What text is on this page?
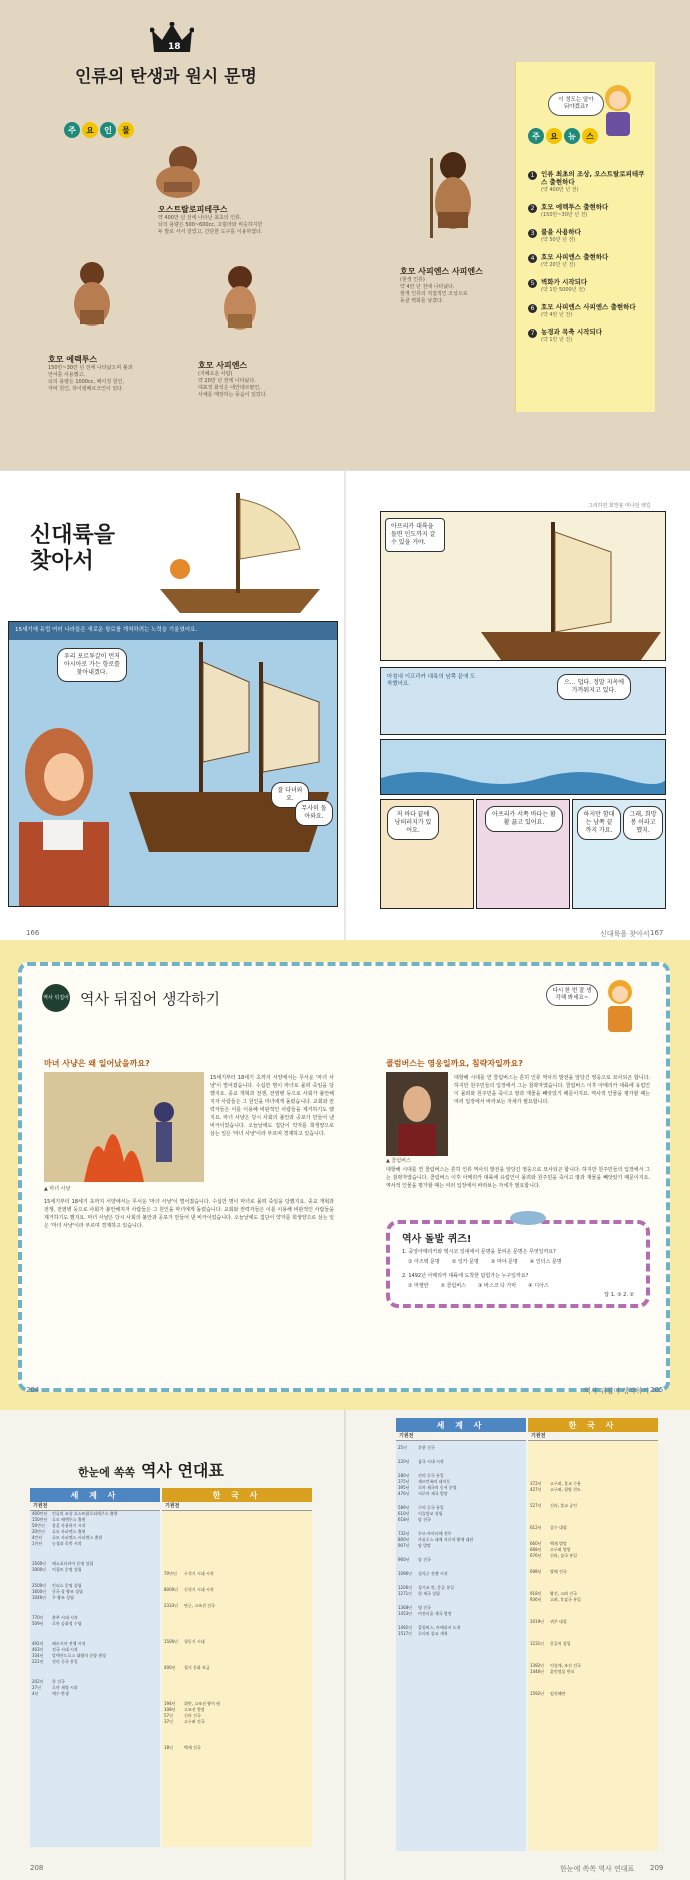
18
인류의 탄생과 원시 문명
주	요	인	물
오스트랄로피테쿠스
약 400만 년 전에 나타난 최초의 인류.
뇌의 용량은 500~600cc, 고릴라와 비슷하지만
두 발로 서서 걸었고, 간단한 도구를 이용하였다.
호모 에렉투스
150만~30만 년 전에 나타났으며 불과
언어를 사용했고,
뇌의 용량은 1000cc, 베이징 원인,
자바 원인, 하이델베르크인이 있다.
호모 사피엔스
(지혜로운 사람)
약 20만 년 전에 나타났다.
대표적 화석은 네안데르탈인,
사체를 매장하는 풍습이 있었다.
호모 사피엔스 사피엔스
(현생 인류)
약 4만 년 전에 나타났다.
현재 인류의 직접적인 조상으로
동굴 벽화를 남겼다.
주	요	뉴	스
1	인류 최초의 조상, 오스트랄로피테쿠스 출현하다
(약 400만 년 전)
2	호모 에렉투스 출현하다
(150만~30만 년 전)
3	불을 사용하다
(약 50만 년 전)
4	호모 사피엔스 출현하다
(약 20만 년 전)
5	벽화가 시작되다
(약 1만 5000년 전)
6	호모 사피엔스 사피엔스 출현하다
(약 4만 년 전)
7	농경과 목축 시작되다
(약 1만 년 전)
이 정도는 알아 둬야겠죠?
신대륙을
찾아서
15세기에 유럽 여러 나라들은 새로운 항로를 개척하려는 노력을 기울였어요.
우리 포르투갈이 먼저 아시아로 가는 항로를 찾아내겠다.
잘 다녀와요.
무사히 돌아와요.
그러하면 희망봉 머나먼 뱃길
아프리카 대륙을 돌면 인도까지 갈 수 있을 거야.
마침내 이프리카 대륙의 남쪽 끝에 도착했어요.	으… 덥다. 정말 지옥에 가까워지고 있다.
저 바다 끝에 낭떠러지가 있어요.
아프리카 서쪽 바다는 활활 끓고 있어요.
하지만 함대는 남쪽 끝까지 가요.
그래, 희망봉 이라고 했지.
166	신대륙을 찾아서 167
역사 뒤집어 역사 뒤집어 생각하기	다시 한 번 잘 생각해 봐세요~
마녀 사냥은 왜 일어났을까요?
▲ 마녀 사냥
15세기부터 18세기 초까지 서양에서는 무서운 '마녀 사냥'이 벌어졌습니다. 수십만 명이 마녀로 몰려 죽임을 당했지요. 종교 개혁과 전쟁, 전염병 등으로 사회가 불안해지자 사람들은 그 원인을 마녀에게 돌렸습니다. 교회와 권력자들은 이를 이용해 비판적인 사람들을 제거하기도 했지요. 마녀 사냥은 당시 사회의 불안과 공포가 만들어 낸 비극이었습니다. 오늘날에도 집단이 약자를 희생양으로 삼는 일은 '마녀 사냥'이라 부르며 경계하고 있습니다.
15세기부터 18세기 초까지 서양에서는 무서운 '마녀 사냥'이 벌어졌습니다. 수십만 명이 마녀로 몰려 죽임을 당했지요. 종교 개혁과 전쟁, 전염병 등으로 사회가 불안해지자 사람들은 그 원인을 마녀에게 돌렸습니다. 교회와 권력자들은 이를 이용해 비판적인 사람들을 제거하기도 했지요. 마녀 사냥은 당시 사회의 불안과 공포가 만들어 낸 비극이었습니다. 오늘날에도 집단이 약자를 희생양으로 삼는 일은 '마녀 사냥'이라 부르며 경계하고 있습니다.
콜럼버스는 영웅일까요, 침략자일까요?
▲ 콜럼버스
대항해 시대를 연 콜럼버스는 흔히 인류 역사의 발전을 앞당긴 영웅으로 묘사되곤 합니다. 하지만 원주민들의 입장에서 그는 침략자였습니다. 콜럼버스 이후 아메리카 대륙에 유럽인이 몰려와 원주민을 죽이고 땅과 재물을 빼앗았기 때문이지요. 역사적 인물을 평가할 때는 여러 입장에서 바라보는 자세가 필요합니다.
대항해 시대를 연 콜럼버스는 흔히 인류 역사의 발전을 앞당긴 영웅으로 묘사되곤 합니다. 하지만 원주민들의 입장에서 그는 침략자였습니다. 콜럼버스 이후 아메리카 대륙에 유럽인이 몰려와 원주민을 죽이고 땅과 재물을 빼앗았기 때문이지요. 역사적 인물을 평가할 때는 여러 입장에서 바라보는 자세가 필요합니다.
역사 돌발 퀴즈!
1. 중앙아메리카와 멕시코 일대에서 문명을 꽃피운 문명은 무엇일까요?
① 아즈텍 문명 ② 잉카 문명 ③ 마야 문명 ④ 인더스 문명
2. 1492년 아메리카 대륙에 도착한 탐험가는 누구일까요?
① 마젤란 ② 콜럼버스 ③ 바스코 다 가마 ④ 디아스
답 1. ③ 2. ②
204	역사 뒤집어 생각하기 205
한눈에 쏙쏙 역사 연대표
세 계 사
기원전
400만년	인류의 조상 오스트랄로피테쿠스 출현
150만년	호모 에렉투스 출현
50만년	불을 사용하기 시작
20만년	호모 사피엔스 출현
4만년	호모 사피엔스 사피엔스 출현
1만년	농경과 목축 시작
3500년	메소포타미아 문명 성립
3000년	이집트 문명 성립
2500년	인더스 문명 성립
1600년	중국 상 왕조 성립
1046년	주 왕조 성립
770년	춘추 시대 시작
509년	로마 공화정 수립
492년	페르시아 전쟁 시작
403년	전국 시대 시작
334년	알렉산드로스 대왕의 동방 원정
221년	진의 중국 통일
202년	한 건국
27년	로마 제정 시작
4년	예수 탄생
한 국 사
기원전
70만년	구석기 시대 시작
8000년	신석기 시대 시작
2333년	단군, 고조선 건국
1500년	청동기 시대
400년	철기 문화 보급
194년	위만, 고조선 왕이 됨
108년	고조선 멸망
57년	신라 건국
37년	고구려 건국
18년	백제 건국
세 계 사
기원전
25년	후한 건국
220년	삼국 시대 시작
280년	진의 중국 통일
375년	게르만족의 대이동
395년	로마 제국의 동서 분열
476년	서로마 제국 멸망
589년	수의 중국 통일
610년	이슬람교 성립
618년	당 건국
732년	투르-푸아티에 전투
800년	카롤루스 대제 서로마 황제 대관
907년	당 멸망
960년	송 건국
1096년	십자군 전쟁 시작
1206년	칭기즈 칸, 몽골 통일
1271년	원 제국 성립
1368년	명 건국
1453년	비잔티움 제국 멸망
1492년	콜럼버스, 아메리카 도착
1517년	루터의 종교 개혁
한 국 사
기원전
372년	고구려, 불교 수용
427년	고구려, 평양 천도
527년	신라, 불교 공인
612년	살수 대첩
660년	백제 멸망
668년	고구려 멸망
676년	신라, 삼국 통일
698년	발해 건국
918년	왕건, 고려 건국
936년	고려, 후삼국 통일
1019년	귀주 대첩
1231년	몽골의 침입
1392년	이성계, 조선 건국
1446년	훈민정음 반포
1592년	임진왜란
208	한눈에 쏙쏙 역사 연대표 209
